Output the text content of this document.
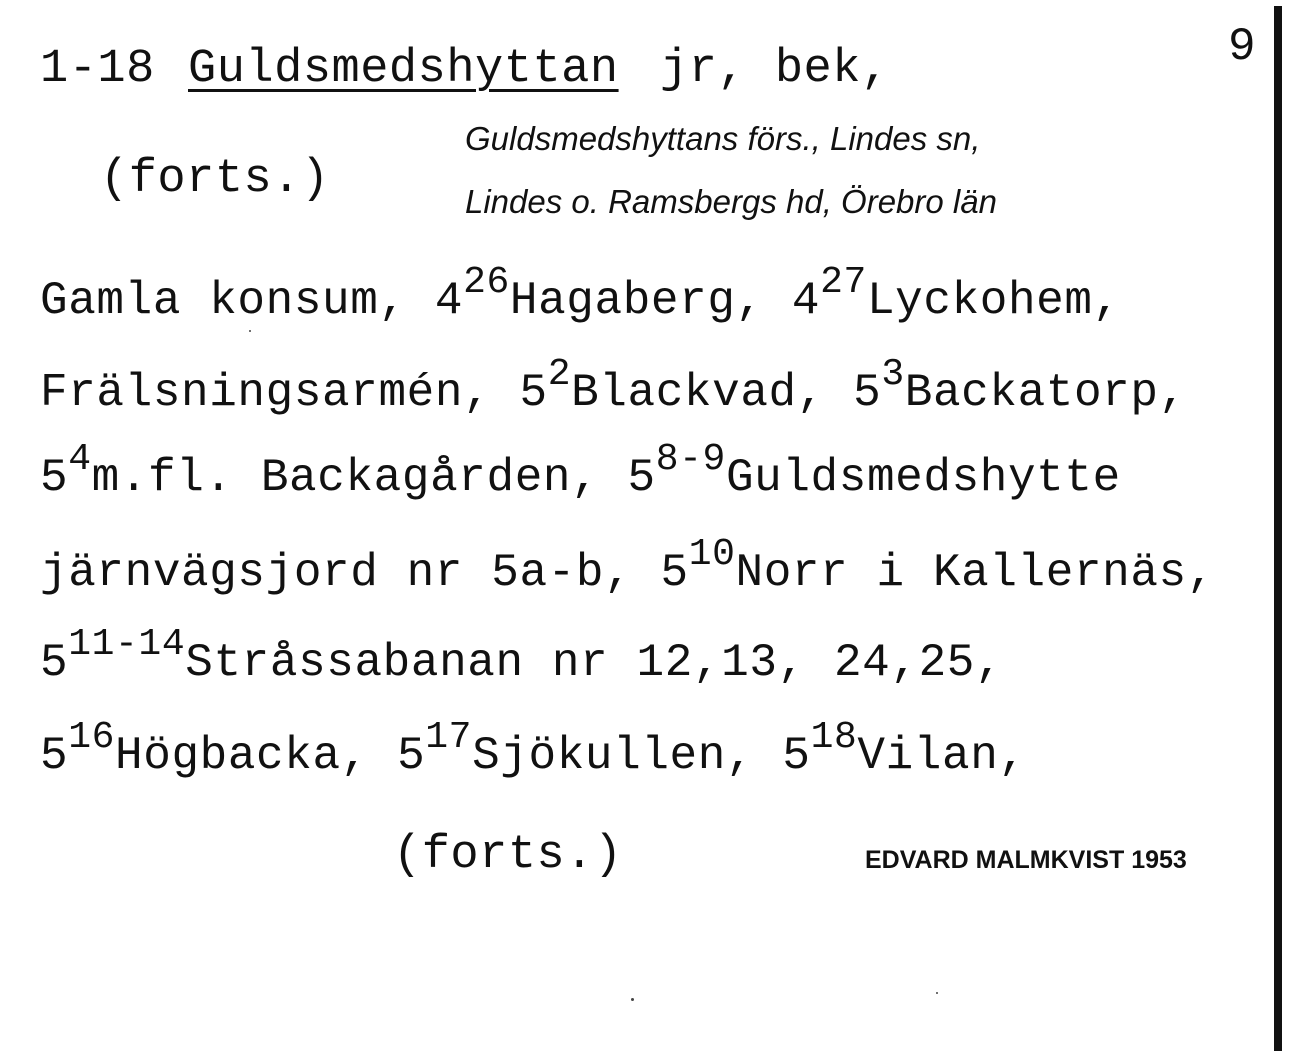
9
1-18 Guldsmedshyttan jr, bek,
(forts.)
Guldsmedshyttans förs., Lindes sn,
Lindes o. Ramsbergs hd, Örebro län
Gamla konsum, $4^{26}Hagaberg$, $4^{27}Lyckohem$,
Frälsningsarmén, $5^2Blackvad$, $5^3Backatorp$,
$5^4m.fl$. Backagården, 5$^{8-9}$Guldsmedshytte
järnvägsjord nr 5a-b, $5^{10}Norr$ i Kallernäs,
5$^{11-14}$Stråssabanan nr 12,13, 24,25,
$5^{16}Högbacka$, $5^{17}Sjökullen$, $5^{18}Vilan$,
(forts.)	EDVARD MALMKVIST 1953
